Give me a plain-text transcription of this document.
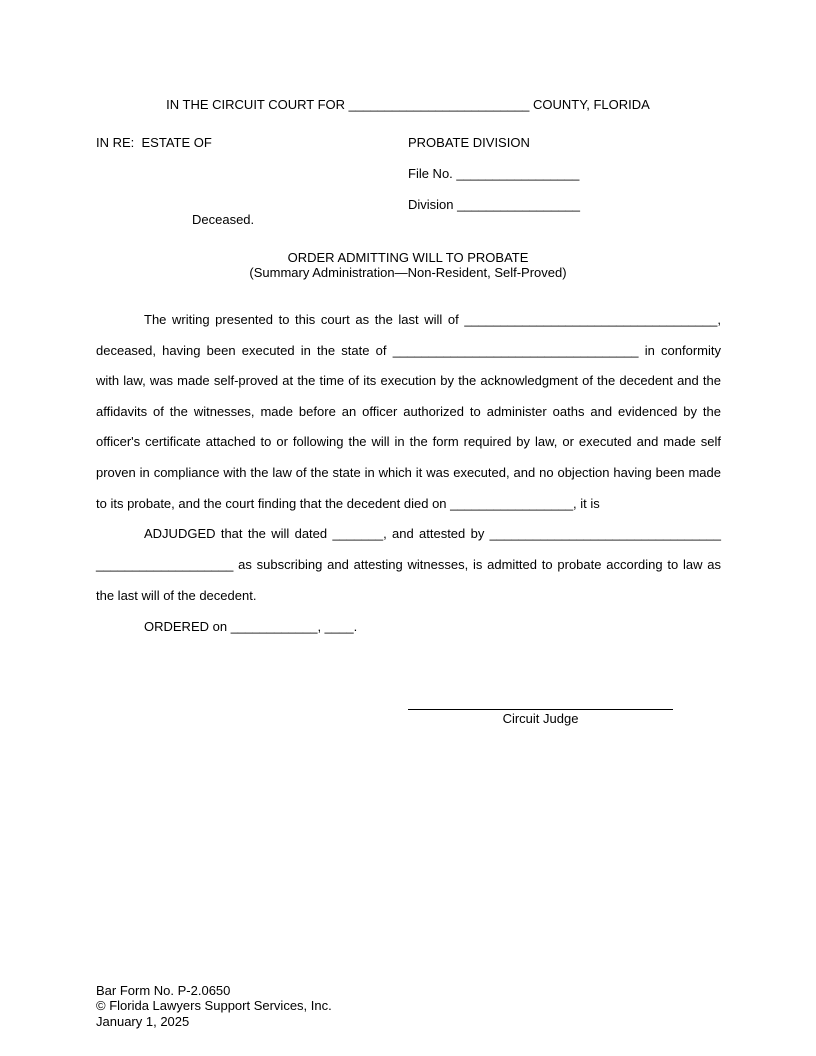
IN THE CIRCUIT COURT FOR _________________________ COUNTY, FLORIDA
IN RE:  ESTATE OF	PROBATE DIVISION
File No. _________________
Division _________________
Deceased.
ORDER ADMITTING WILL TO PROBATE
(Summary Administration—Non-Resident, Self-Proved)
The writing presented to this court as the last will of ___________________________________,
deceased, having been executed in the state of __________________________________ in conformity
with law, was made self-proved at the time of its execution by the acknowledgment of the decedent and the
affidavits of the witnesses, made before an officer authorized to administer oaths and evidenced by the
officer's certificate attached to or following the will in the form required by law, or executed and made self
proven in compliance with the law of the state in which it was executed, and no objection having been made
to its probate, and the court finding that the decedent died on _________________, it is
ADJUDGED that the will dated _______, and attested by ________________________________
___________________ as subscribing and attesting witnesses, is admitted to probate according to law as
the last will of the decedent.
ORDERED on ____________, ____.
Circuit Judge
Bar Form No. P-2.0650
© Florida Lawyers Support Services, Inc.
January 1, 2025
